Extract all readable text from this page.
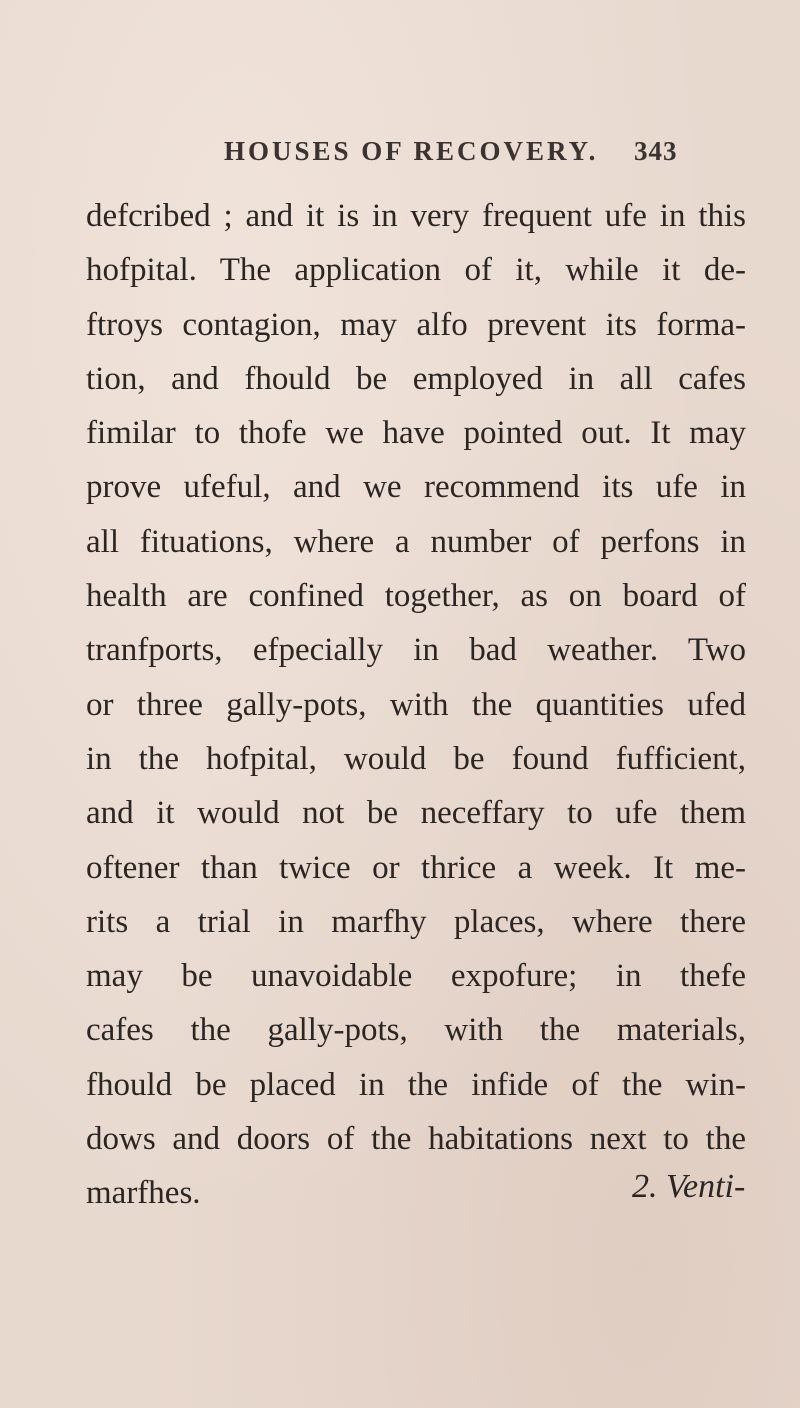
HOUSES OF RECOVERY. 343
defcribed ; and it is in very frequent ufe in this
hofpital. The application of it, while it de-
ftroys contagion, may alfo prevent its forma-
tion, and fhould be employed in all cafes
fimilar to thofe we have pointed out. It may
prove ufeful, and we recommend its ufe in
all fituations, where a number of perfons in
health are confined together, as on board of
tranfports, efpecially in bad weather. Two
or three gally-pots, with the quantities ufed
in the hofpital, would be found fufficient,
and it would not be neceffary to ufe them
oftener than twice or thrice a week. It me-
rits a trial in marfhy places, where there
may be unavoidable expofure; in thefe
cafes the gally-pots, with the materials,
fhould be placed in the infide of the win-
dows and doors of the habitations next to the
marfhes.	2. Venti-
